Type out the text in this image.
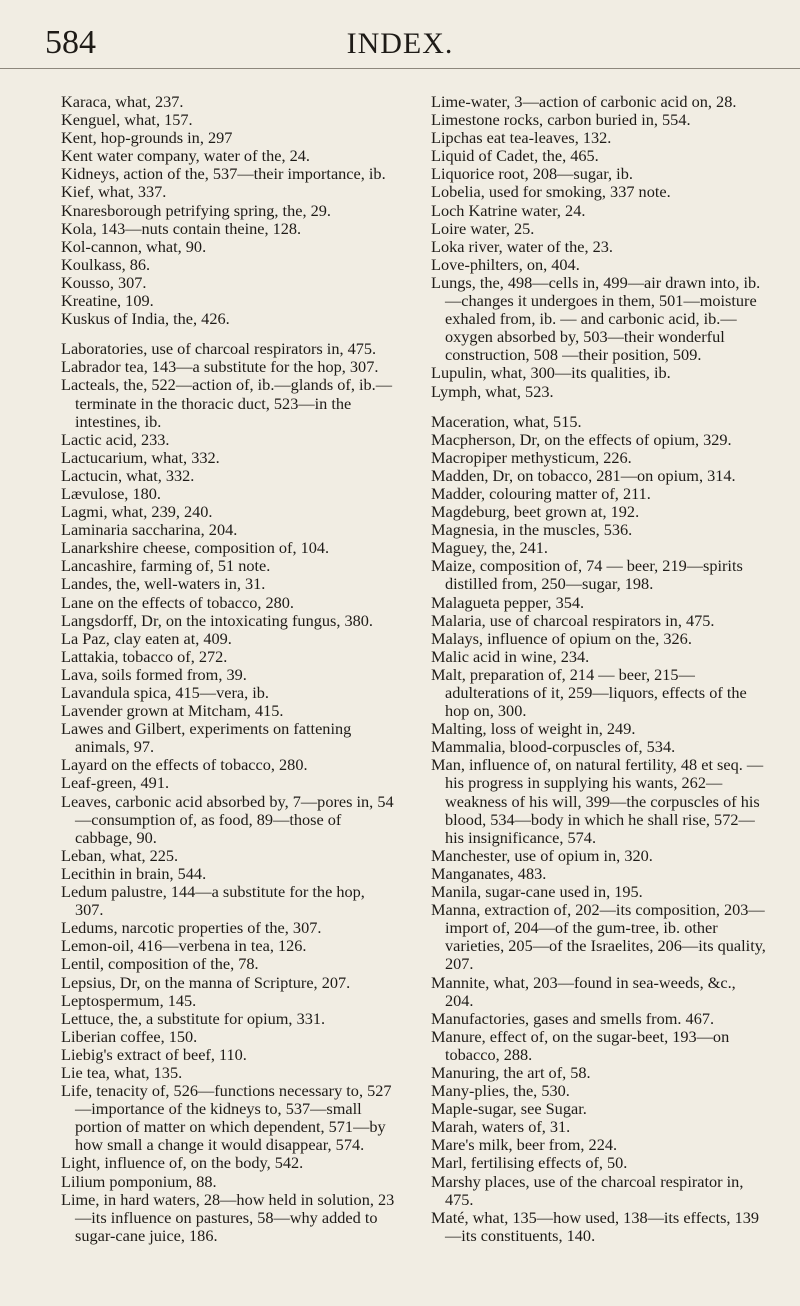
584	INDEX.

Karaca, what, 237.

Kenguel, what, 157.

Kent, hop-grounds in, 297

Kent water company, water of the, 24.

Kidneys, action of the, 537—their importance, ib.

Kief, what, 337.

Knaresborough petrifying spring, the, 29.

Kola, 143—nuts contain theine, 128.

Kol-cannon, what, 90.

Koulkass, 86.

Kousso, 307.

Kreatine, 109.

Kuskus of India, the, 426.

Laboratories, use of charcoal respirators in, 475.

Labrador tea, 143—a substitute for the hop, 307.

Lacteals, the, 522—action of, ib.—glands of, ib.—terminate in the thoracic duct, 523—in the intestines, ib.

Lactic acid, 233.

Lactucarium, what, 332.

Lactucin, what, 332.

Lævulose, 180.

Lagmi, what, 239, 240.

Laminaria saccharina, 204.

Lanarkshire cheese, composition of, 104.

Lancashire, farming of, 51 note.

Landes, the, well-waters in, 31.

Lane on the effects of tobacco, 280.

Langsdorff, Dr, on the intoxicating fungus, 380.

La Paz, clay eaten at, 409.

Lattakia, tobacco of, 272.

Lava, soils formed from, 39.

Lavandula spica, 415—vera, ib.

Lavender grown at Mitcham, 415.

Lawes and Gilbert, experiments on fattening animals, 97.

Layard on the effects of tobacco, 280.

Leaf-green, 491.

Leaves, carbonic acid absorbed by, 7—pores in, 54—consumption of, as food, 89—those of cabbage, 90.

Leban, what, 225.

Lecithin in brain, 544.

Ledum palustre, 144—a substitute for the hop, 307.

Ledums, narcotic properties of the, 307.

Lemon-oil, 416—verbena in tea, 126.

Lentil, composition of the, 78.

Lepsius, Dr, on the manna of Scripture, 207.

Leptospermum, 145.

Lettuce, the, a substitute for opium, 331.

Liberian coffee, 150.

Liebig's extract of beef, 110.

Lie tea, what, 135.

Life, tenacity of, 526—functions necessary to, 527—importance of the kidneys to, 537—small portion of matter on which dependent, 571—by how small a change it would disappear, 574.

Light, influence of, on the body, 542.

Lilium pomponium, 88.

Lime, in hard waters, 28—how held in solution, 23—its influence on pastures, 58—why added to sugar-cane juice, 186.

Lime-water, 3—action of carbonic acid on, 28.

Limestone rocks, carbon buried in, 554.

Lipchas eat tea-leaves, 132.

Liquid of Cadet, the, 465.

Liquorice root, 208—sugar, ib.

Lobelia, used for smoking, 337 note.

Loch Katrine water, 24.

Loire water, 25.

Loka river, water of the, 23.

Love-philters, on, 404.

Lungs, the, 498—cells in, 499—air drawn into, ib.—changes it undergoes in them, 501—moisture exhaled from, ib. — and carbonic acid, ib.—oxygen absorbed by, 503—their wonderful construction, 508 —their position, 509.

Lupulin, what, 300—its qualities, ib.

Lymph, what, 523.

Maceration, what, 515.

Macpherson, Dr, on the effects of opium, 329.

Macropiper methysticum, 226.

Madden, Dr, on tobacco, 281—on opium, 314.

Madder, colouring matter of, 211.

Magdeburg, beet grown at, 192.

Magnesia, in the muscles, 536.

Maguey, the, 241.

Maize, composition of, 74 — beer, 219—spirits distilled from, 250—sugar, 198.

Malagueta pepper, 354.

Malaria, use of charcoal respirators in, 475.

Malays, influence of opium on the, 326.

Malic acid in wine, 234.

Malt, preparation of, 214 — beer, 215—adulterations of it, 259—liquors, effects of the hop on, 300.

Malting, loss of weight in, 249.

Mammalia, blood-corpuscles of, 534.

Man, influence of, on natural fertility, 48 et seq. — his progress in supplying his wants, 262—weakness of his will, 399—the corpuscles of his blood, 534—body in which he shall rise, 572—his insignificance, 574.

Manchester, use of opium in, 320.

Manganates, 483.

Manila, sugar-cane used in, 195.

Manna, extraction of, 202—its composition, 203—import of, 204—of the gum-tree, ib. other varieties, 205—of the Israelites, 206—its quality, 207.

Mannite, what, 203—found in sea-weeds, &c., 204.

Manufactories, gases and smells from. 467.

Manure, effect of, on the sugar-beet, 193—on tobacco, 288.

Manuring, the art of, 58.

Many-plies, the, 530.

Maple-sugar, see Sugar.

Marah, waters of, 31.

Mare's milk, beer from, 224.

Marl, fertilising effects of, 50.

Marshy places, use of the charcoal respirator in, 475.

Maté, what, 135—how used, 138—its effects, 139—its constituents, 140.
